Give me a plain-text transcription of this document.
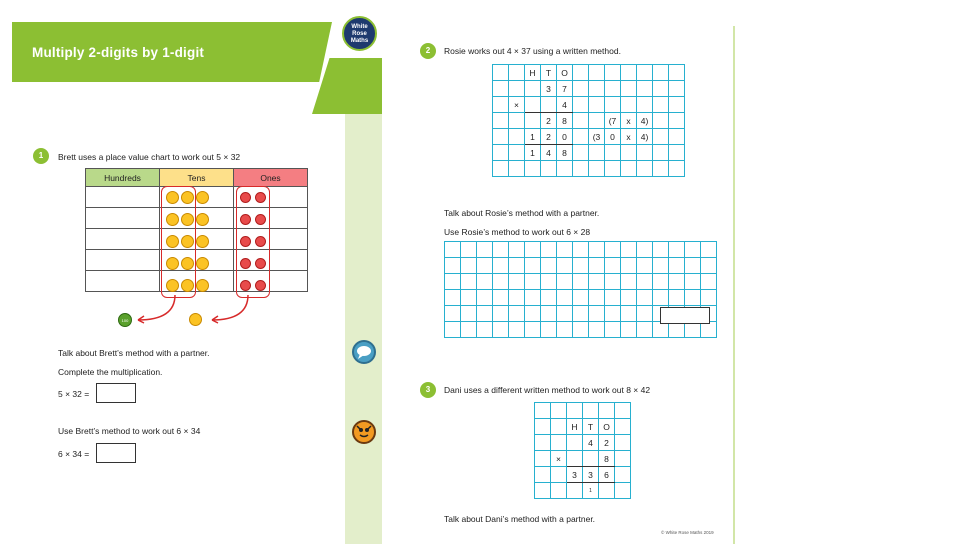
Multiply 2-digits by 1-digit
White
Rose
Maths
1	Brett uses a place value chart to work out 5 × 32
Hundreds	Tens	Ones

100
Talk about Brett’s method with a partner.
Complete the multiplication.
5 × 32 =
Use Brett’s method to work out 6 × 34
6 × 34 =
2	Rosie works out 4 × 37 using a written method.
		H	T	O							
			3	7							
	×			4							
			2	8			(7	x	4)		
		1	2	0		(3	0	x	4)		
		1	4	8							

Talk about Rosie’s method with a partner.
Use Rosie’s method to work out 6 × 28

3	Dani uses a different written method to work out 8 × 42

		H	T	O	
			4	2	
	×			8	
		3	3	6	
			1		
Talk about Dani’s method with a partner.
© White Rose Maths 2019
